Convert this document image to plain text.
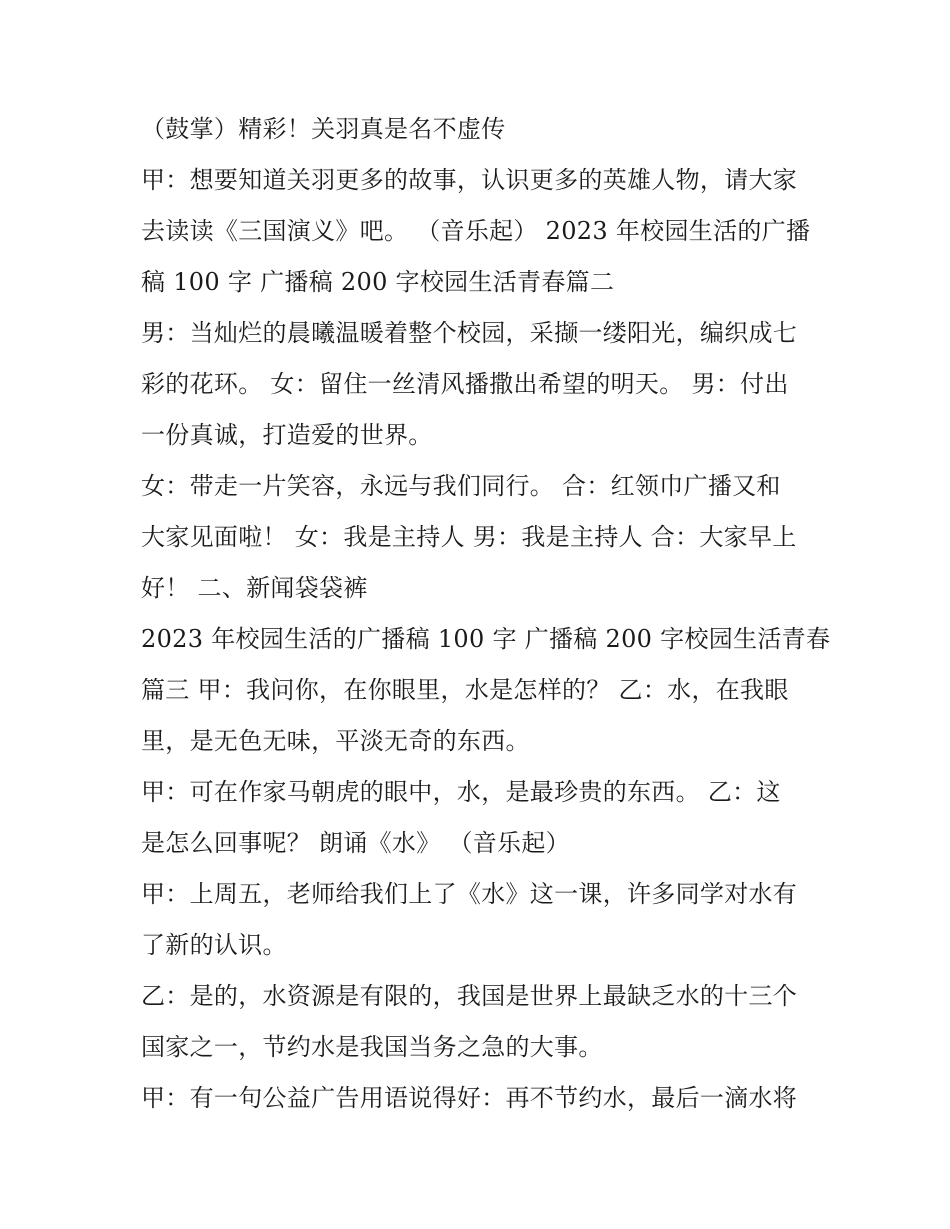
（鼓掌）精彩！关羽真是名不虚传
甲：想要知道关羽更多的故事，认识更多的英雄人物，请大家
去读读《三国演义》吧。 （音乐起） 2023 年校园生活的广播
稿 100 字 广播稿 200 字校园生活青春篇二
男：当灿烂的晨曦温暖着整个校园，采撷一缕阳光，编织成七
彩的花环。 女：留住一丝清风播撒出希望的明天。 男：付出
一份真诚，打造爱的世界。
女：带走一片笑容，永远与我们同行。 合：红领巾广播又和
大家见面啦！ 女：我是主持人 男：我是主持人 合：大家早上
好！ 二、新闻袋袋裤
2023 年校园生活的广播稿 100 字 广播稿 200 字校园生活青春
篇三 甲：我问你，在你眼里，水是怎样的？ 乙：水，在我眼
里，是无色无味，平淡无奇的东西。
甲：可在作家马朝虎的眼中，水，是最珍贵的东西。 乙：这
是怎么回事呢？ 朗诵《水》 （音乐起）
甲：上周五，老师给我们上了《水》这一课，许多同学对水有
了新的认识。
乙：是的，水资源是有限的，我国是世界上最缺乏水的十三个
国家之一，节约水是我国当务之急的大事。
甲：有一句公益广告用语说得好：再不节约水，最后一滴水将
